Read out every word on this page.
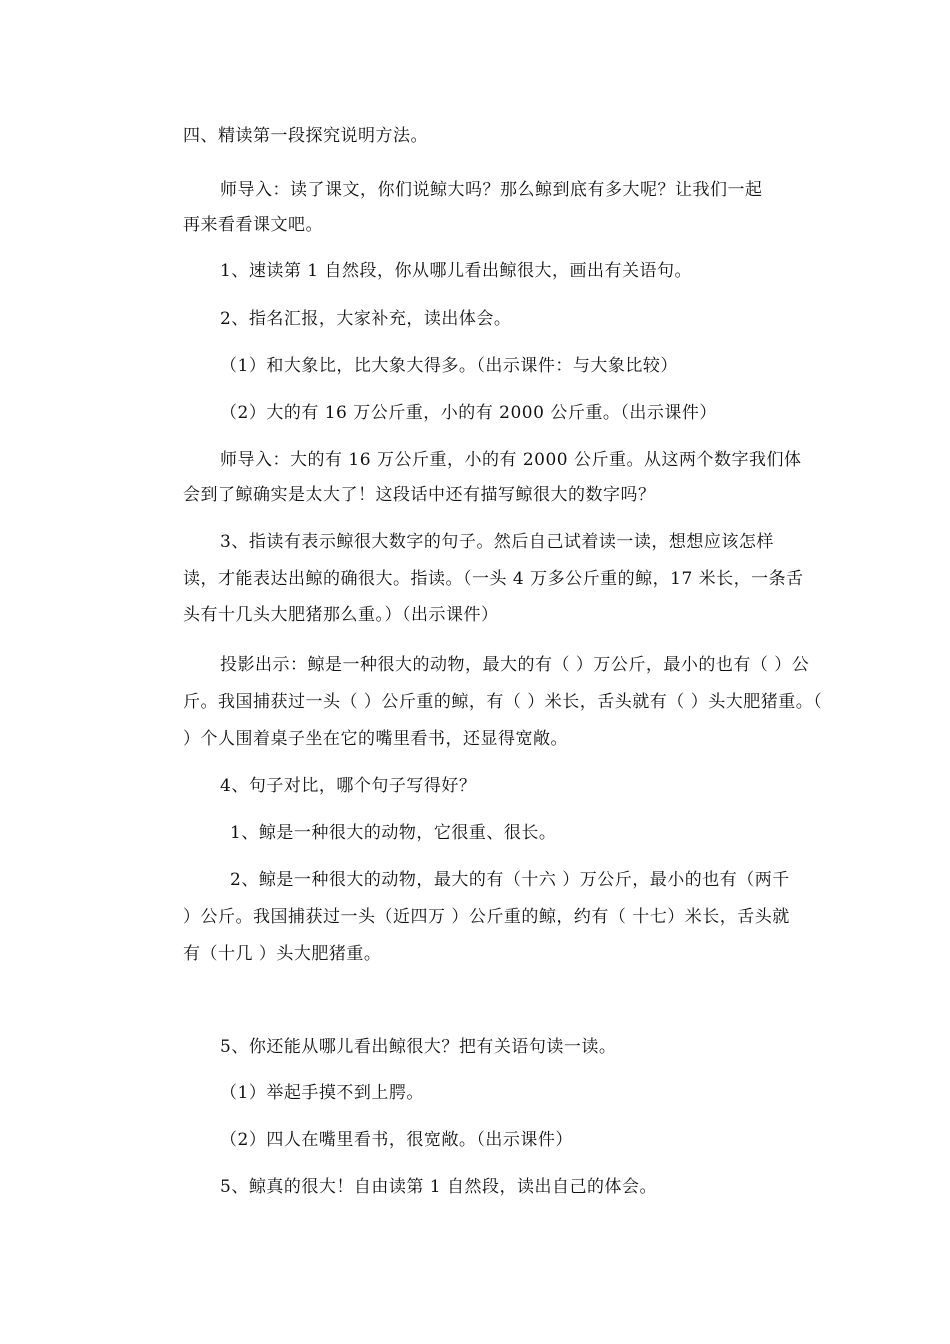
四、精读第一段探究说明方法。
师导入：读了课文，你们说鲸大吗？那么鲸到底有多大呢？让我们一起
再来看看课文吧。
1、速读第 1 自然段，你从哪儿看出鲸很大，画出有关语句。
2、指名汇报，大家补充，读出体会。
（1）和大象比，比大象大得多。（出示课件：与大象比较）
（2）大的有 16 万公斤重，小的有 2000 公斤重。（出示课件）
师导入：大的有 16 万公斤重，小的有 2000 公斤重。从这两个数字我们体
会到了鲸确实是太大了！这段话中还有描写鲸很大的数字吗？
3、指读有表示鲸很大数字的句子。然后自己试着读一读，想想应该怎样
读，才能表达出鲸的确很大。指读。（一头 4 万多公斤重的鲸，17 米长，一条舌
头有十几头大肥猪那么重。）（出示课件）
投影出示：鲸是一种很大的动物，最大的有（ ）万公斤，最小的也有（ ）公
斤。我国捕获过一头（ ）公斤重的鲸，有（ ）米长，舌头就有（ ）头大肥猪重。（
）个人围着桌子坐在它的嘴里看书，还显得宽敞。
4、句子对比，哪个句子写得好？
1、鲸是一种很大的动物，它很重、很长。
2、鲸是一种很大的动物，最大的有（十六 ）万公斤，最小的也有（两千
）公斤。我国捕获过一头（近四万 ）公斤重的鲸，约有（ 十七）米长，舌头就
有（十几 ）头大肥猪重。
5、你还能从哪儿看出鲸很大？把有关语句读一读。
（1）举起手摸不到上腭。
（2）四人在嘴里看书，很宽敞。（出示课件）
5、鲸真的很大！自由读第 1 自然段，读出自己的体会。
